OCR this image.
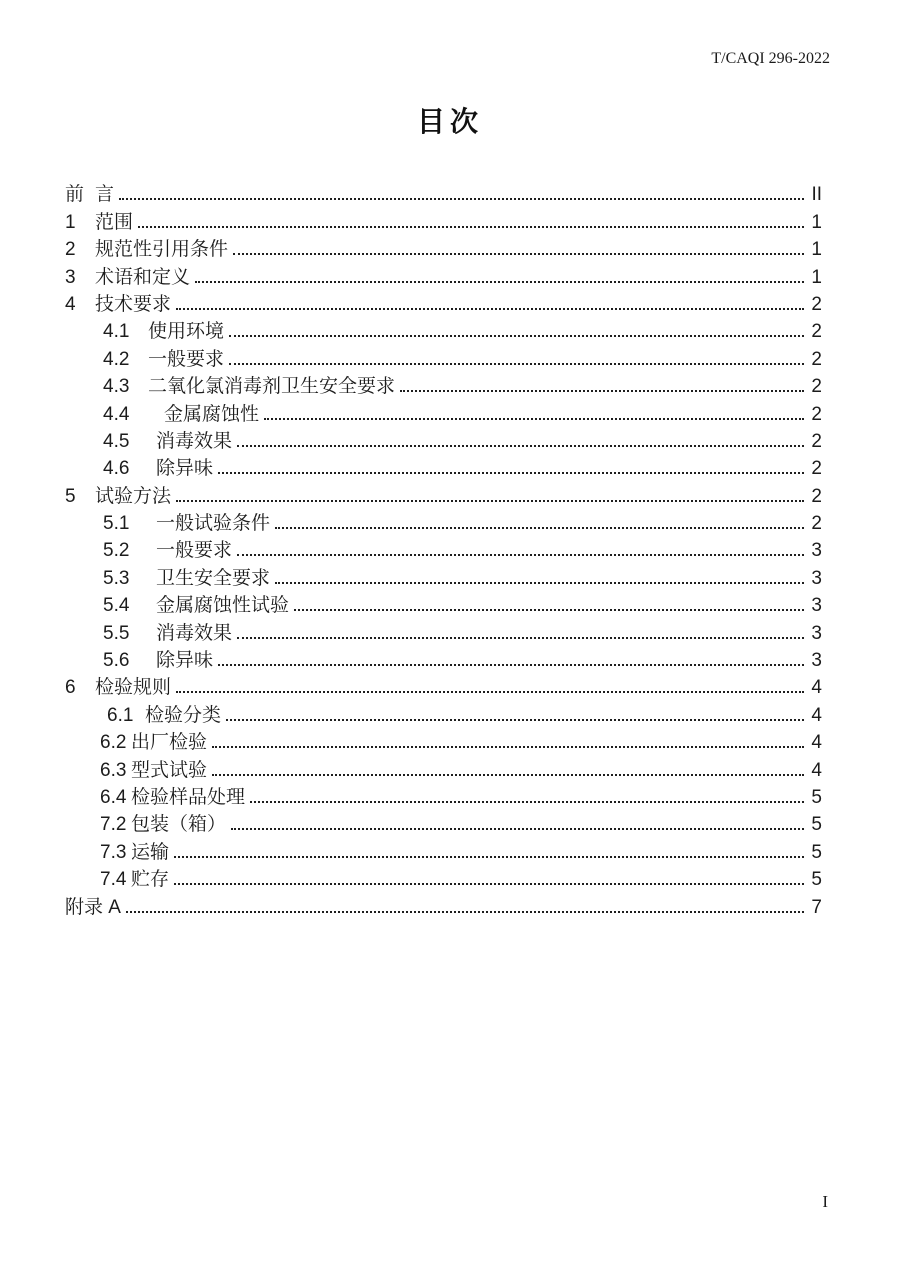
T/CAQI 296-2022
目次
前 言	II
1	范围	1
2	规范性引用条件	1
3	术语和定义	1
4	技术要求	2
4.1 使用环境	2
4.2 一般要求	2
4.3 二氧化氯消毒剂卫生安全要求	2
4.4	金属腐蚀性	2
4.5	消毒效果	2
4.6	除异味	2
5	试验方法	2
5.1	一般试验条件	2
5.2	一般要求	3
5.3	卫生安全要求	3
5.4	金属腐蚀性试验	3
5.5	消毒效果	3
5.6	除异味	3
6	检验规则	4
6.1 检验分类	4
6.2 出厂检验	4
6.3 型式试验	4
6.4 检验样品处理	5
7.2 包装（箱）	5
7.3 运输	5
7.4 贮存	5
附录 A	7
I
